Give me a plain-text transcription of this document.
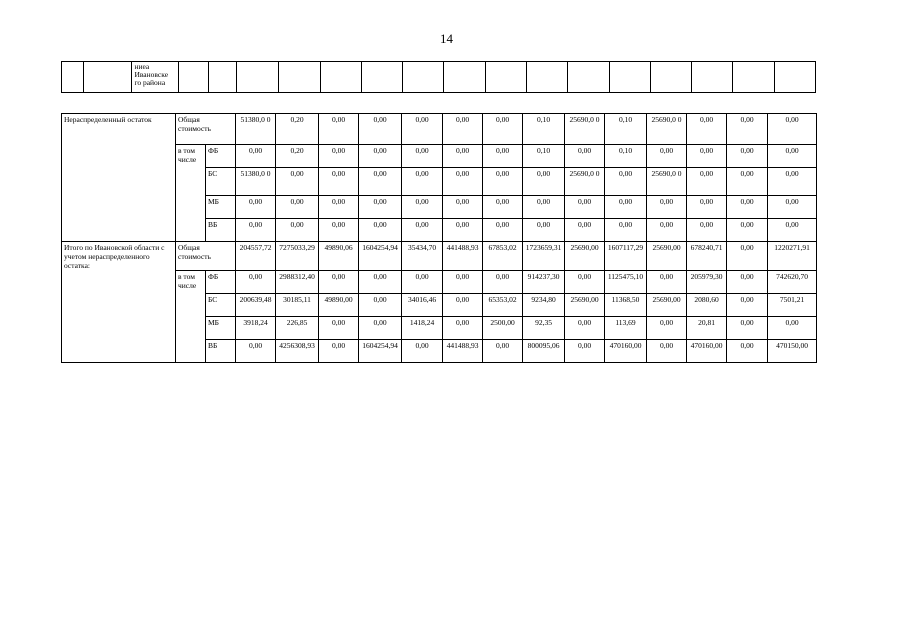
14
		ниеа Ивановске го района																
Нераспределенный остаток	Общая стоимость		51380,0 0	0,20	0,00	0,00	0,00	0,00	0,00	0,10	25690,0 0	0,10	25690,0 0	0,00	0,00	0,00
	в том числе	ФБ	0,00	0,20	0,00	0,00	0,00	0,00	0,00	0,10	0,00	0,10	0,00	0,00	0,00	0,00
		БС	51380,0 0	0,00	0,00	0,00	0,00	0,00	0,00	0,00	25690,0 0	0,00	25690,0 0	0,00	0,00	0,00
		МБ	0,00	0,00	0,00	0,00	0,00	0,00	0,00	0,00	0,00	0,00	0,00	0,00	0,00	0,00
		ВБ	0,00	0,00	0,00	0,00	0,00	0,00	0,00	0,00	0,00	0,00	0,00	0,00	0,00	0,00
Итого по Ивановской области с учетом нераспределенного остатка:	Общая стоимость		204557,72	7275033,29	49890,06	1604254,94	35434,70	441488,93	67853,02	1723659,31	25690,00	1607117,29	25690,00	678240,71	0,00	1220271,91
	в том числе	ФБ	0,00	2988312,40	0,00	0,00	0,00	0,00	0,00	914237,30	0,00	1125475,10	0,00	205979,30	0,00	742620,70
		БС	200639,48	30185,11	49890,00	0,00	34016,46	0,00	65353,02	9234,80	25690,00	11368,50	25690,00	2080,60	0,00	7501,21
		МБ	3918,24	226,85	0,00	0,00	1418,24	0,00	2500,00	92,35	0,00	113,69	0,00	20,81	0,00	0,00
		ВБ	0,00	4256308,93	0,00	1604254,94	0,00	441488,93	0,00	800095,06	0,00	470160,00	0,00	470160,00	0,00	470150,00
